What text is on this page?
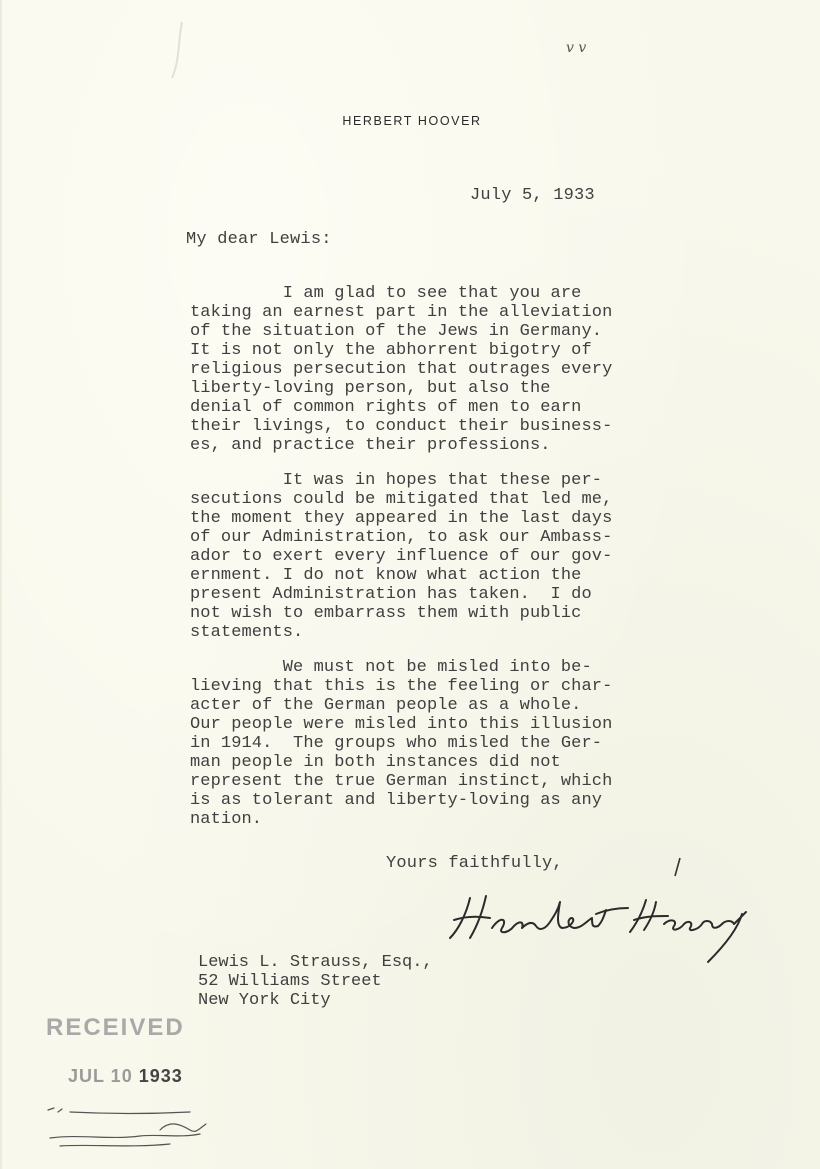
v v
HERBERT HOOVER
July 5, 1933
My dear Lewis:
I am glad to see that you are
taking an earnest part in the alleviation
of the situation of the Jews in Germany.
It is not only the abhorrent bigotry of
religious persecution that outrages every
liberty-loving person, but also the
denial of common rights of men to earn
their livings, to conduct their business-
es, and practice their professions.
It was in hopes that these per-
secutions could be mitigated that led me,
the moment they appeared in the last days
of our Administration, to ask our Ambass-
ador to exert every influence of our gov-
ernment. I do not know what action the
present Administration has taken.  I do
not wish to embarrass them with public
statements.
We must not be misled into be-
lieving that this is the feeling or char-
acter of the German people as a whole.
Our people were misled into this illusion
in 1914.  The groups who misled the Ger-
man people in both instances did not
represent the true German instinct, which
is as tolerant and liberty-loving as any
nation.
Yours faithfully,
Lewis L. Strauss, Esq.,
52 Williams Street
New York City
RECEIVED
JUL 10 1933
